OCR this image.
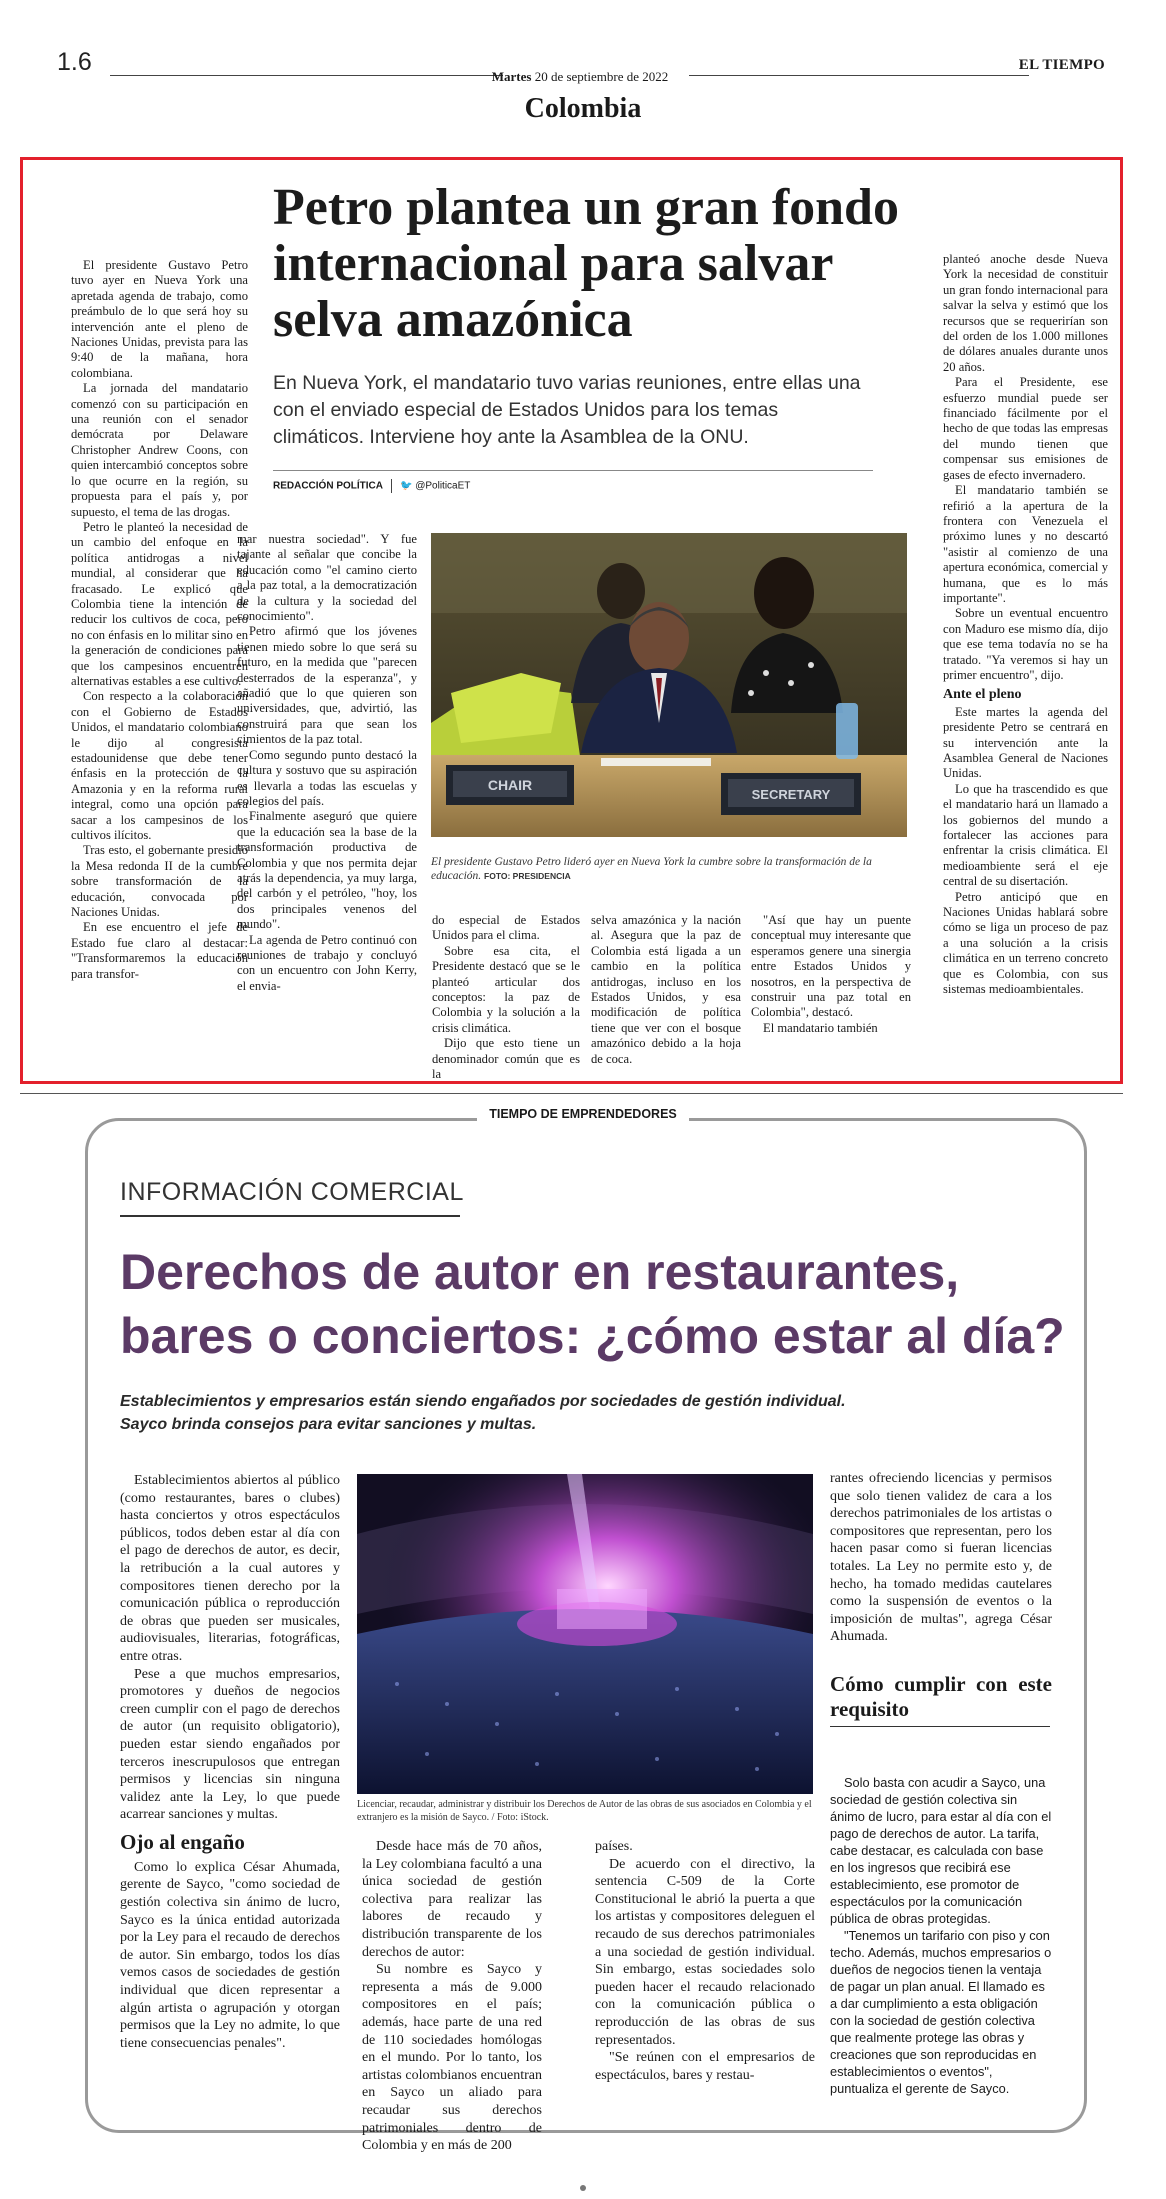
1.6
Martes 20 de septiembre de 2022
EL TIEMPO
Colombia

El presidente Gustavo Petro tuvo ayer en Nueva York una apretada agenda de trabajo, como preámbulo de lo que será hoy su intervención ante el pleno de Naciones Unidas, prevista para las 9:40 de la mañana, hora colombiana.

La jornada del mandatario comenzó con su participación en una reunión con el senador demócrata por Delaware Christopher Andrew Coons, con quien intercambió conceptos sobre lo que ocurre en la región, su propuesta para el país y, por supuesto, el tema de las drogas.

Petro le planteó la necesidad de un cambio del enfoque en la política antidrogas a nivel mundial, al considerar que ha fracasado. Le explicó que Colombia tiene la intención de reducir los cultivos de coca, pero no con énfasis en lo militar sino en la generación de condiciones para que los campesinos encuentren alternativas estables a ese cultivo.

Con respecto a la colaboración con el Gobierno de Estados Unidos, el mandatario colombiano le dijo al congresista estadounidense que debe tener énfasis en la protección de la Amazonia y en la reforma rural integral, como una opción para sacar a los campesinos de los cultivos ilícitos.

Tras esto, el gobernante presidió la Mesa redonda II de la cumbre sobre transformación de la educación, convocada por Naciones Unidas.

En ese encuentro el jefe de Estado fue claro al destacar: "Transformaremos la educación para transfor-

Petro plantea un gran fondo internacional para salvar selva amazónica
En Nueva York, el mandatario tuvo varias reuniones, entre ellas una con el enviado especial de Estados Unidos para los temas climáticos. Interviene hoy ante la Asamblea de la ONU.
REDACCIÓN POLÍTICA 🐦 @PoliticaET

mar nuestra sociedad". Y fue tajante al señalar que concibe la educación como "el camino cierto a la paz total, a la democratización de la cultura y la sociedad del conocimiento".

Petro afirmó que los jóvenes tienen miedo sobre lo que será su futuro, en la medida que "parecen desterrados de la esperanza", y añadió que lo que quieren son universidades, que, advirtió, las construirá para que sean los cimientos de la paz total.

Como segundo punto destacó la cultura y sostuvo que su aspiración es llevarla a todas las escuelas y colegios del país.

Finalmente aseguró que quiere que la educación sea la base de la transformación productiva de Colombia y que nos permita dejar atrás la dependencia, ya muy larga, del carbón y el petróleo, "hoy, los dos principales venenos del mundo".

La agenda de Petro continuó con reuniones de trabajo y concluyó con un encuentro con John Kerry, el envia-

CHAIR
SECRETARY
El presidente Gustavo Petro lideró ayer en Nueva York la cumbre sobre la transformación de la educación. FOTO: PRESIDENCIA

do especial de Estados Unidos para el clima.

Sobre esa cita, el Presidente destacó que se le planteó articular dos conceptos: la paz de Colombia y la solución a la crisis climática.

Dijo que esto tiene un denominador común que es la

selva amazónica y la nación al. Asegura que la paz de Colombia está ligada a un cambio en la política antidrogas, incluso en los Estados Unidos, y esa modificación de política tiene que ver con el bosque amazónico debido a la hoja de coca.

"Así que hay un puente conceptual muy interesante que esperamos genere una sinergia entre Estados Unidos y nosotros, en la perspectiva de construir una paz total en Colombia", destacó.

El mandatario también

planteó anoche desde Nueva York la necesidad de constituir un gran fondo internacional para salvar la selva y estimó que los recursos que se requerirían son del orden de los 1.000 millones de dólares anuales durante unos 20 años.

Para el Presidente, ese esfuerzo mundial puede ser financiado fácilmente por el hecho de que todas las empresas del mundo tienen que compensar sus emisiones de gases de efecto invernadero.

El mandatario también se refirió a la apertura de la frontera con Venezuela el próximo lunes y no descartó "asistir al comienzo de una apertura económica, comercial y humana, que es lo más importante".

Sobre un eventual encuentro con Maduro ese mismo día, dijo que ese tema todavía no se ha tratado. "Ya veremos si hay un primer encuentro", dijo.

Ante el pleno

Este martes la agenda del presidente Petro se centrará en su intervención ante la Asamblea General de Naciones Unidas.

Lo que ha trascendido es que el mandatario hará un llamado a los gobiernos del mundo a fortalecer las acciones para enfrentar la crisis climática. El medioambiente será el eje central de su disertación.

Petro anticipó que en Naciones Unidas hablará sobre cómo se liga un proceso de paz a una solución a la crisis climática en un terreno concreto que es Colombia, con sus sistemas medioambientales.

TIEMPO DE EMPRENDEDORES
INFORMACIÓN COMERCIAL
Derechos de autor en restaurantes, bares o conciertos: ¿cómo estar al día?
Establecimientos y empresarios están siendo engañados por sociedades de gestión individual. Sayco brinda consejos para evitar sanciones y multas.

Establecimientos abiertos al público (como restaurantes, bares o clubes) hasta conciertos y otros espectáculos públicos, todos deben estar al día con el pago de derechos de autor, es decir, la retribución a la cual autores y compositores tienen derecho por la comunicación pública o reproducción de obras que pueden ser musicales, audiovisuales, literarias, fotográficas, entre otras.

Pese a que muchos empresarios, promotores y dueños de negocios creen cumplir con el pago de derechos de autor (un requisito obligatorio), pueden estar siendo engañados por terceros inescrupulosos que entregan permisos y licencias sin ninguna validez ante la Ley, lo que puede acarrear sanciones y multas.

Ojo al engaño

Como lo explica César Ahumada, gerente de Sayco, "como sociedad de gestión colectiva sin ánimo de lucro, Sayco es la única entidad autorizada por la Ley para el recaudo de derechos de autor. Sin embargo, todos los días vemos casos de sociedades de gestión individual que dicen representar a algún artista o agrupación y otorgan permisos que la Ley no admite, lo que tiene consecuencias penales".

Licenciar, recaudar, administrar y distribuir los Derechos de Autor de las obras de sus asociados en Colombia y el extranjero es la misión de Sayco. / Foto: iStock.

Desde hace más de 70 años, la Ley colombiana facultó a una única sociedad de gestión colectiva para realizar las labores de recaudo y distribución transparente de los derechos de autor:

Su nombre es Sayco y representa a más de 9.000 compositores en el país; además, hace parte de una red de 110 sociedades homólogas en el mundo. Por lo tanto, los artistas colombianos encuentran en Sayco un aliado para recaudar sus derechos patrimoniales dentro de Colombia y en más de 200

países.

De acuerdo con el directivo, la sentencia C-509 de la Corte Constitucional le abrió la puerta a que los artistas y compositores deleguen el recaudo de sus derechos patrimoniales a una sociedad de gestión individual. Sin embargo, estas sociedades solo pueden hacer el recaudo relacionado con la comunicación pública o reproducción de las obras de sus representados.

"Se reúnen con el empresarios de espectáculos, bares y restau-

rantes ofreciendo licencias y permisos que solo tienen validez de cara a los derechos patrimoniales de los artistas o compositores que representan, pero los hacen pasar como si fueran licencias totales. La Ley no permite esto y, de hecho, ha tomado medidas cautelares como la suspensión de eventos o la imposición de multas", agrega César Ahumada.

Cómo cumplir con este requisito

Solo basta con acudir a Sayco, una sociedad de gestión colectiva sin ánimo de lucro, para estar al día con el pago de derechos de autor. La tarifa, cabe destacar, es calculada con base en los ingresos que recibirá ese establecimiento, ese promotor de espectáculos por la comunicación pública de obras protegidas.

"Tenemos un tarifario con piso y con techo. Además, muchos empresarios o dueños de negocios tienen la ventaja de pagar un plan anual. El llamado es a dar cumplimiento a esta obligación con la sociedad de gestión colectiva que realmente protege las obras y creaciones que son reproducidas en establecimientos o eventos", puntualiza el gerente de Sayco.
